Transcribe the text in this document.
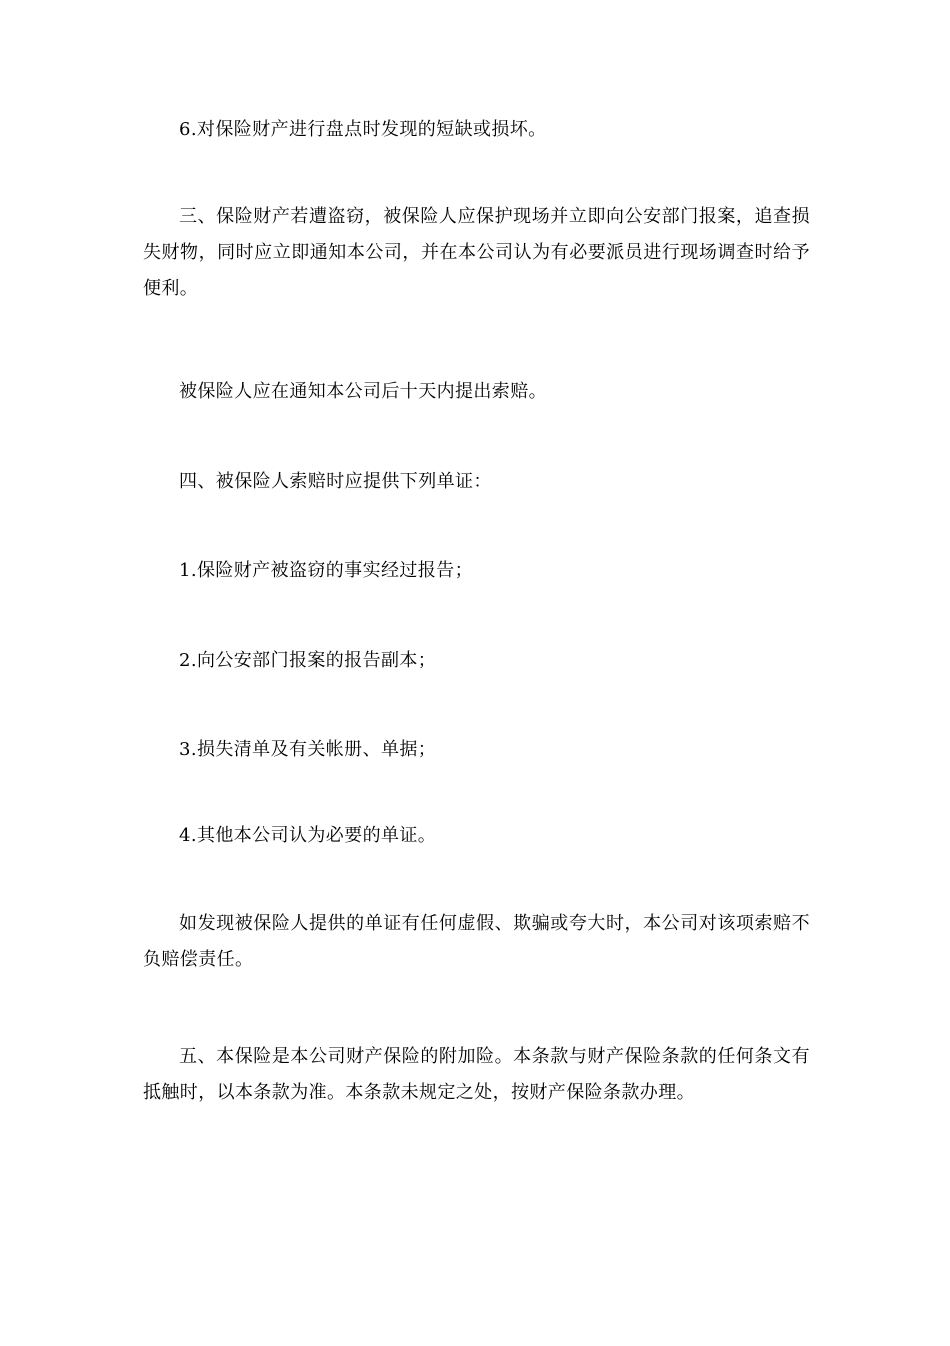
6.对保险财产进行盘点时发现的短缺或损坏。

三、保险财产若遭盗窃，被保险人应保护现场并立即向公安部门报案，追查损失财物，同时应立即通知本公司，并在本公司认为有必要派员进行现场调查时给予便利。

被保险人应在通知本公司后十天内提出索赔。

四、被保险人索赔时应提供下列单证：

1.保险财产被盗窃的事实经过报告；

2.向公安部门报案的报告副本；

3.损失清单及有关帐册、单据；

4.其他本公司认为必要的单证。

如发现被保险人提供的单证有任何虚假、欺骗或夸大时，本公司对该项索赔不负赔偿责任。

五、本保险是本公司财产保险的附加险。本条款与财产保险条款的任何条文有抵触时，以本条款为准。本条款未规定之处，按财产保险条款办理。
